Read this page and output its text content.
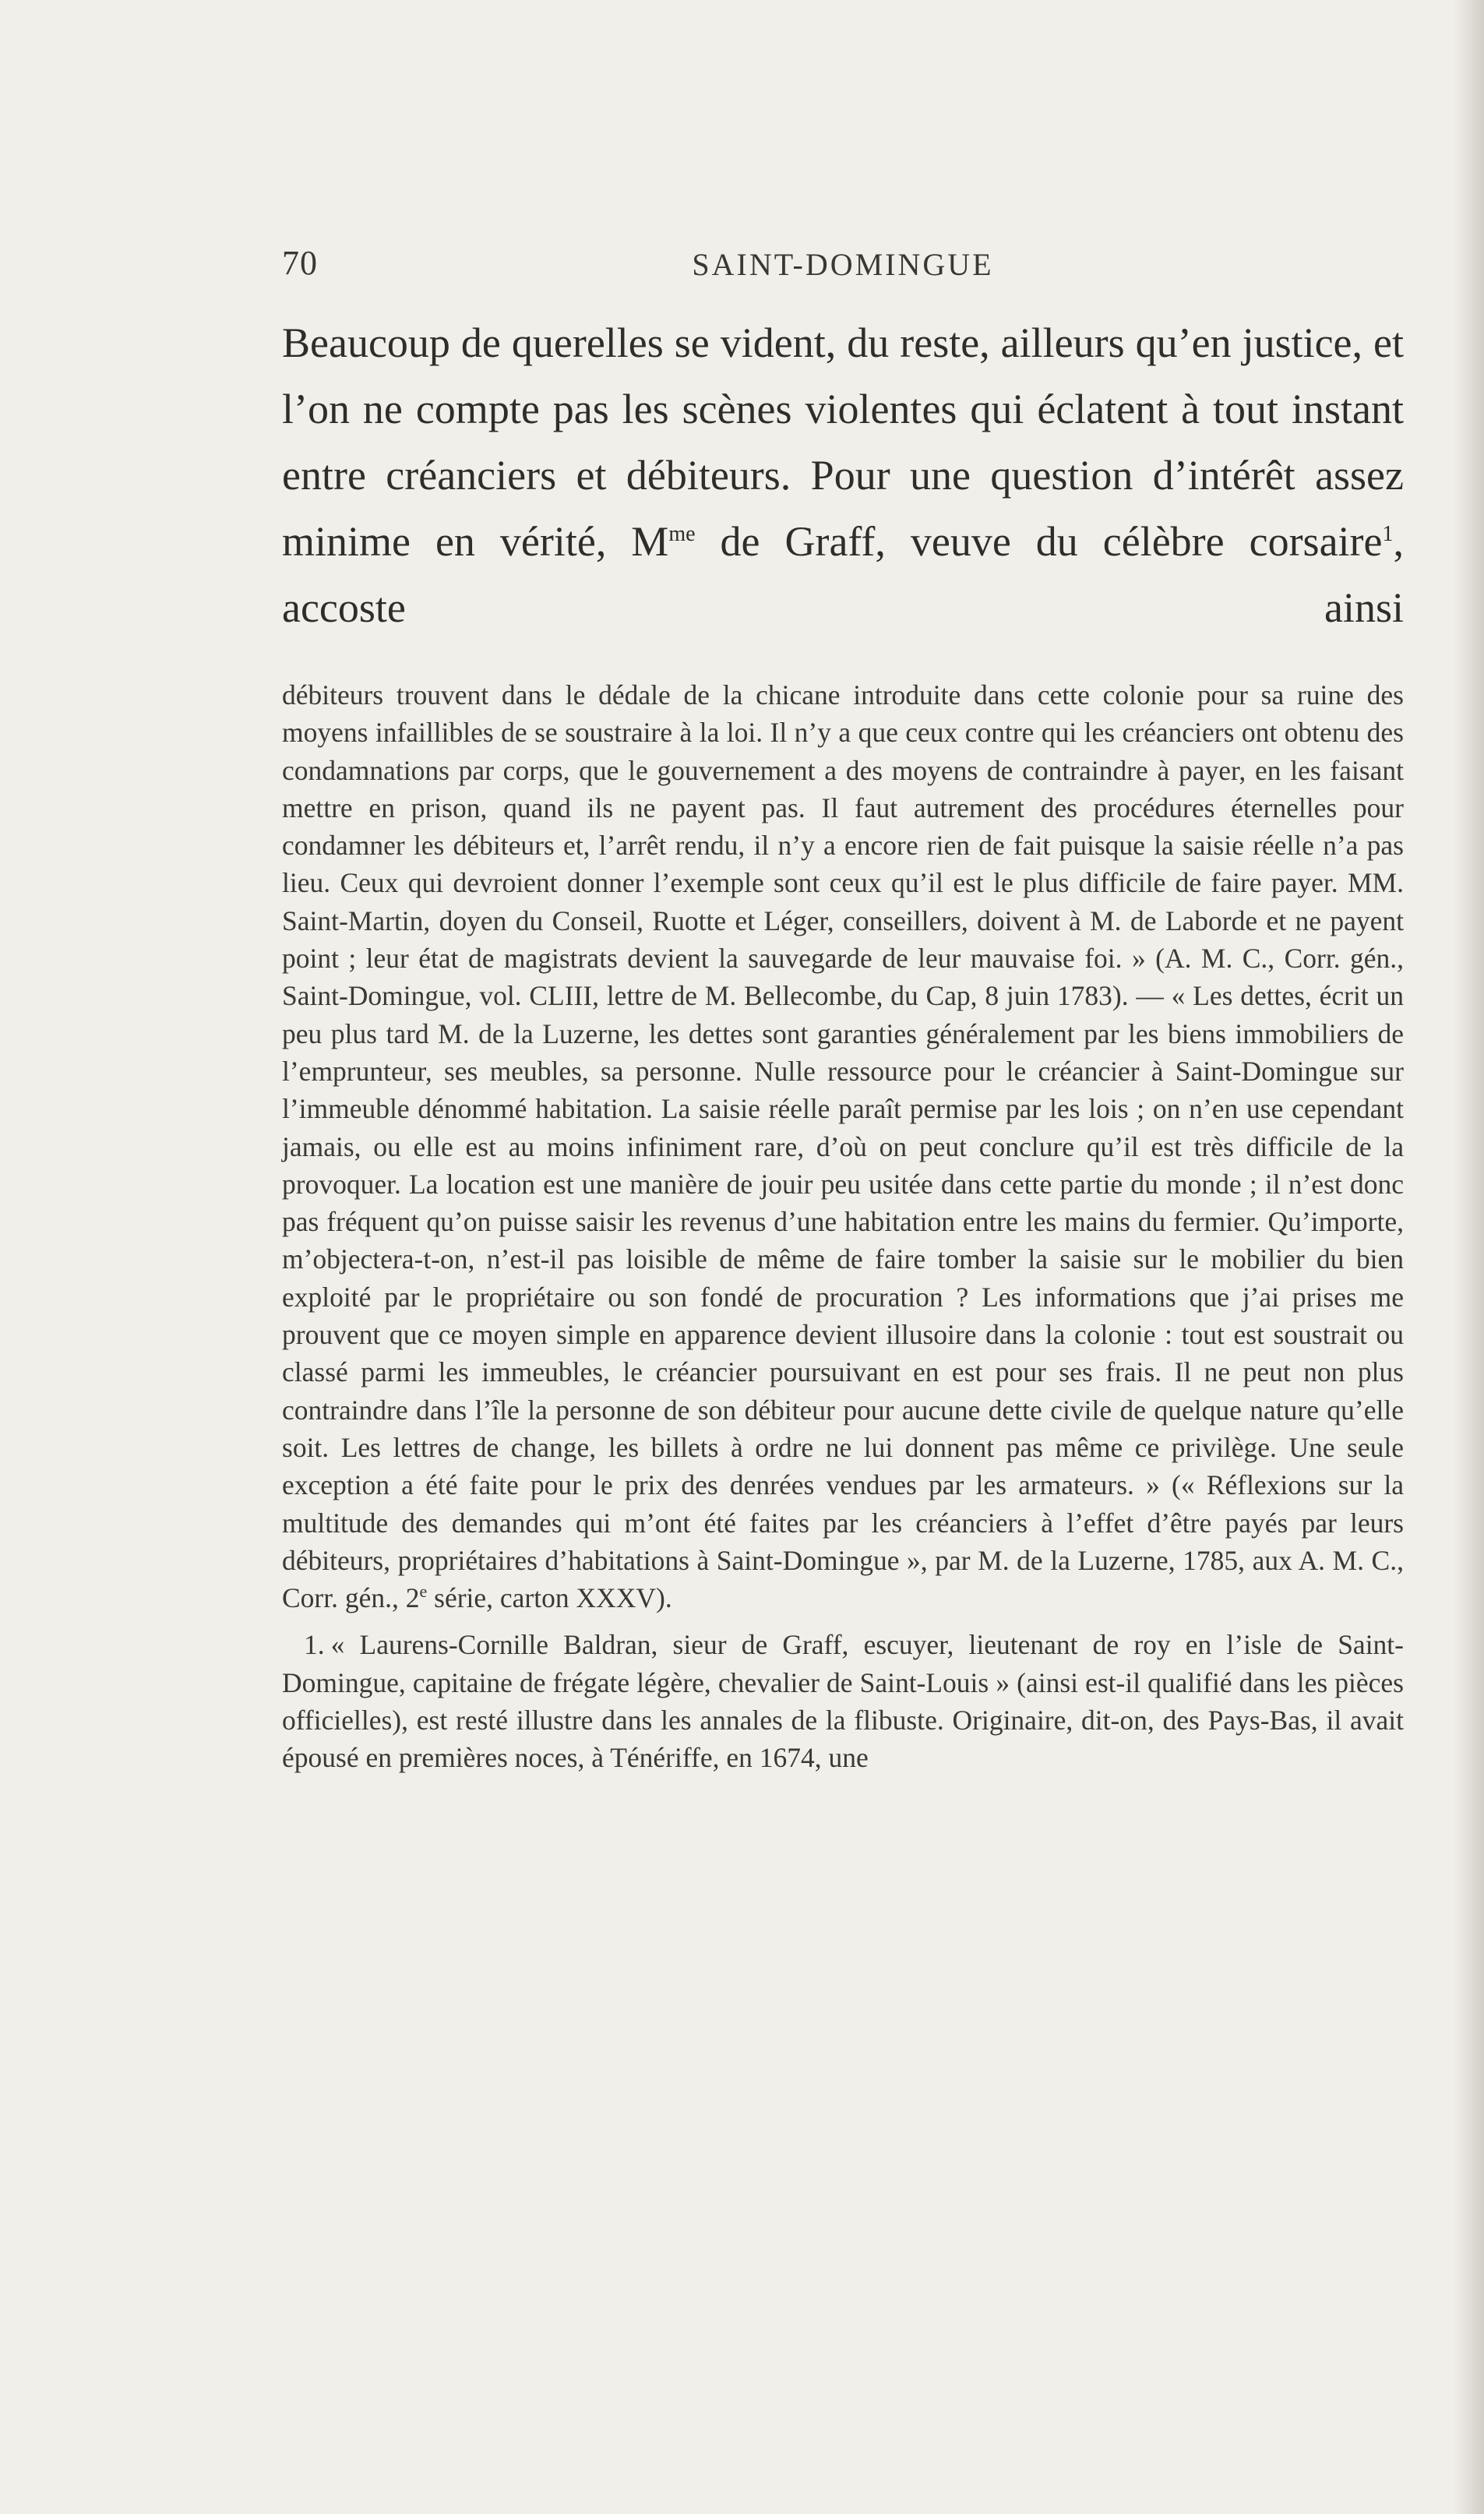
70	SAINT-DOMINGUE
Beaucoup de querelles se vident, du reste, ailleurs qu’en justice, et l’on ne compte pas les scènes violentes qui éclatent à tout instant entre créanciers et débiteurs. Pour une question d’intérêt assez minime en vérité, $M^{me}$ de Graff, veuve du célèbre corsaire$^1$, accoste ainsi

débiteurs trouvent dans le dédale de la chicane introduite dans cette colonie pour sa ruine des moyens infaillibles de se soustraire à la loi. Il n’y a que ceux contre qui les créanciers ont obtenu des condamnations par corps, que le gouvernement a des moyens de contraindre à payer, en les faisant mettre en prison, quand ils ne payent pas. Il faut autrement des procédures éternelles pour condamner les débiteurs et, l’arrêt rendu, il n’y a encore rien de fait puisque la saisie réelle n’a pas lieu. Ceux qui devroient donner l’exemple sont ceux qu’il est le plus difficile de faire payer. MM. Saint-Martin, doyen du Conseil, Ruotte et Léger, conseillers, doivent à M. de Laborde et ne payent point ; leur état de magistrats devient la sauvegarde de leur mauvaise foi. » (A. M. C., Corr. gén., Saint-Domingue, vol. CLIII, lettre de M. Bellecombe, du Cap, 8 juin 1783). — « Les dettes, écrit un peu plus tard M. de la Luzerne, les dettes sont garanties généralement par les biens immobiliers de l’emprunteur, ses meubles, sa personne. Nulle ressource pour le créancier à Saint-Domingue sur l’immeuble dénommé habitation. La saisie réelle paraît permise par les lois ; on n’en use cependant jamais, ou elle est au moins infiniment rare, d’où on peut conclure qu’il est très difficile de la provoquer. La location est une manière de jouir peu usitée dans cette partie du monde ; il n’est donc pas fréquent qu’on puisse saisir les revenus d’une habitation entre les mains du fermier. Qu’importe, m’objectera-t-on, n’est-il pas loisible de même de faire tomber la saisie sur le mobilier du bien exploité par le propriétaire ou son fondé de procuration ? Les informations que j’ai prises me prouvent que ce moyen simple en apparence devient illusoire dans la colonie : tout est soustrait ou classé parmi les immeubles, le créancier poursuivant en est pour ses frais. Il ne peut non plus contraindre dans l’île la personne de son débiteur pour aucune dette civile de quelque nature qu’elle soit. Les lettres de change, les billets à ordre ne lui donnent pas même ce privilège. Une seule exception a été faite pour le prix des denrées vendues par les armateurs. » (« Réflexions sur la multitude des demandes qui m’ont été faites par les créanciers à l’effet d’être payés par leurs débiteurs, propriétaires d’habitations à Saint-Domingue », par M. de la Luzerne, 1785, aux A. M. C., Corr. gén., 2e série, carton XXXV).

1. « Laurens-Cornille Baldran, sieur de Graff, escuyer, lieutenant de roy en l’isle de Saint-Domingue, capitaine de frégate légère, chevalier de Saint-Louis » (ainsi est-il qualifié dans les pièces officielles), est resté illustre dans les annales de la flibuste. Originaire, dit-on, des Pays-Bas, il avait épousé en premières noces, à Ténériffe, en 1674, une
